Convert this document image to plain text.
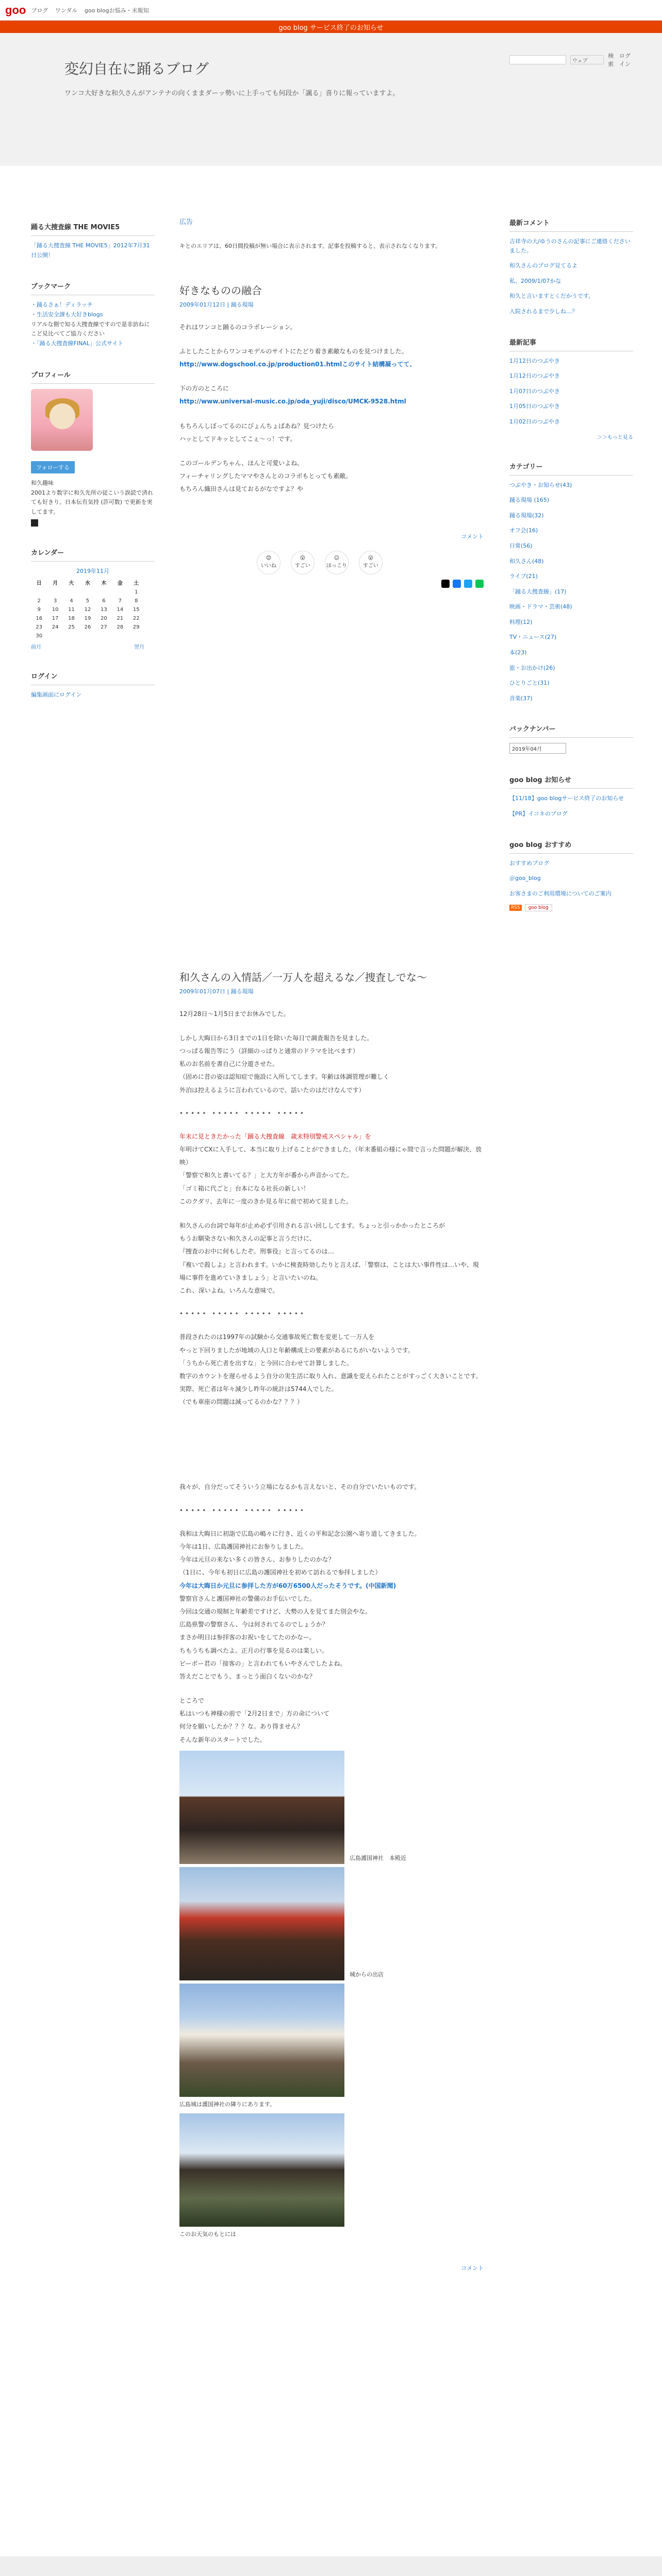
goo ブログ ワンダル goo blogお悩み・未報知
ウェブ
検索
ログイン
goo blog サービス終了のお知らせ
変幻自在に踊るブログ

ワンコ大好きな和久さんがアンテナの向くままダーッ勢いに上手っても何段か「諷る」喜りに報っていますよ。

踊る大捜査線 THE MOVIE5
「踊る大捜査線 THE MOVIE5」2012年7月31日公開！
ブックマーク
・踊るさぁ！ディラッチ
・生活安全課も大好きblogs
リアルな側で知る大捜査線ですので是非訪ねにこど見比べてご協力ください
・「踊る大捜査線FINAL」公式サイト
プロフィール
フォローする
和久趣味
2001より数字に和久先所の従こいう誤読で済れても好きり。日本伝有気持 (許可数) で更新を実してます。
カレンダー
2019年11月
日	月	火	水	木	金	土
						1
2	3	4	5	6	7	8
9	10	11	12	13	14	15
16	17	18	19	20	21	22
23	24	25	26	27	28	29
30						
前月	翌月
ログイン
編集画面にログイン
広告
キとのエリアは、60日間投稿が無い場合に表示されます。記事を投稿すると、表示されなくなります。
好きなものの融合
2009年01月12日 | 踊る現場
それはワンコと踊るのコラボレーション。
ふとしたことからワンコモデルのサイトにたどり着き素敵なものを見つけました。
http://www.dogschool.co.jp/production01.htmlこのサイト結構凝ってて、
下の方のところに
http://www.universal-music.co.jp/oda_yuji/disco/UMCK-9528.html
もちろんしぼってるのにびょんちょばあね？見つけたら
ハッとしてドキッとしてこぇ〜っ！です。
このゴールデンちゃん、ほんと可愛いよね。
フィーチャリングしたママやさんとのコラボもとっても素敵。
もちろん織田さんは見ておるがなですよ？や
コメント
😊
いいね
😲
すごい
☺
ほっこり
😮
すごい
和久さんの入情話／一万人を超えるな／捜査しでな〜
2009年01月07日 | 踊る現場
12月28日〜1月5日までお休みでした。
しかし大晦日から3日までの1日を除いた毎日で調査報告を見ました。
つっぱる報告等にう（詳細のっぱりと通常のドラマを比べます）
私のお名前を書自己に分遊させた。
（固めに昔の姿は認知症で施設に入所してします。年齢は体調管理が難しく
外泊は控えるように言われているので、話いたのはだけなんです）
••••• ••••• ••••• •••••
年末に見ときたかった「踊る大捜査線　歳末特別警戒スペシャル」を
年明けてCXに入手して、本当に取り上げることができました。（年末番組の様にゃ間で言った問題が解決、放映）
「警察で和久と書いてる？」と大方年が番から声音かってた。
「ゴミ箱に代ごと」台本になる社長の新しい！
このクダリ、去年に一度のきか見る年に前で初めて見ました。
和久さんの台詞で毎年が止め必ず引用される言い回ししてます。ちょっと引っかかったところが
もうお馴染さない和久さんの記事と言うだけに、
『捜査のお中に何もしたぞ。刑事役』と言ってるのは…
『複いで殺しよ』と言われます。いかに検査時効したりと言えば、「警察は、ことは大い事件性は…いや、現場に事件を進めていきましょう」と言いたいのね。
これ、深いよね。いろんな意味で。
••••• ••••• ••••• •••••
普段されたのは1997年の試験から交通事故死亡数を変更して一万人を
やっと下回りましたが地域の人口と年齢構成上の要素があるにちがいないようです。
「うちから死亡者を出すな」と今回に合わせて計算しました。
数字のカウントを遅らせるよう自分の実生活に取り入れ、意識を変えられたことがすっごく大きいことです。
実際、死亡者は年々減少し昨年の統計は5744人でした。
（でも車座の問題は減ってるのかな？？？）
我々が、自分だってそういう立場になるかも言えないと、その自分でいたいものです。
••••• ••••• ••••• •••••
我和は大晦日に初詣で広島の嶋々に行き、近くの平和記念公園へ寄り道してきました。
今年は1日、広島護国神社にお参りしました。
今年は元旦の来ない多くの皆さん、お参りしたのかな？
（1日に、今年も初日に広島の護国神社を初めて訪れるで参拝しました）
今年は大晦日か元旦に参拝した方が60万6500人だったそうです。(中国新聞)
警察官さんと護国神社の警備のお手伝いでした。
今回は交通の規制と年齢差ですけど、大勢の人を見てまた別会やな。
広島県警の警察さん、今は何されてるのでしょうか？
まさか明日は参拝客のお祝いをしてたのかなー。
ちもうちも調べたよ。正月の行事を見るのは楽しい。
ピーポー君の「接客の」と言われてもいやさんでしたよね。
答えだことでもう、まっとう面白くないのかな？
ところで
私はいつも神様の前で「2月2日まで」方の命について
何分を願いしたか？？？な。あり得ません？
そんな新年のスタートでした。
広島護国神社　本殿近
城からの出店
広島城は護国神社の隣りにあります。
このお天気のもとには
コメント
最新コメント
吉祥寺の大/ゆうのさんの記事にご連絡くださいました。
和久さんのブログ見てるよ
私、2009/1/07かな
和久と言いますとくだかうです。
入院されるまで少しね…？
最新記事
1月12日のつぶやき
1月12日のつぶやき
1月07日のつぶやき
1月05日のつぶやき
1月02日のつぶやき
＞＞もっと見る
カテゴリー
つぶやき・お知らせ(43)
踊る現場 (165)
踊る現場(32)
オフ会(16)
日常(56)
和久さん(48)
ライブ(21)
「踊る大捜査線」(17)
映画・ドラマ・芸術(48)
料理(12)
TV・ニュース(27)
本(23)
旅・お出かけ(26)
ひとりごと(31)
音楽(37)
バックナンバー
2019年04月
goo blog お知らせ
【11/18】goo blogサービス終了のお知らせ
【PR】イコネのプログ
goo blog おすすめ
おすすめブログ
＠goo_blog
お客さまのご利用環境についてのご案内
RSS	goo blog
